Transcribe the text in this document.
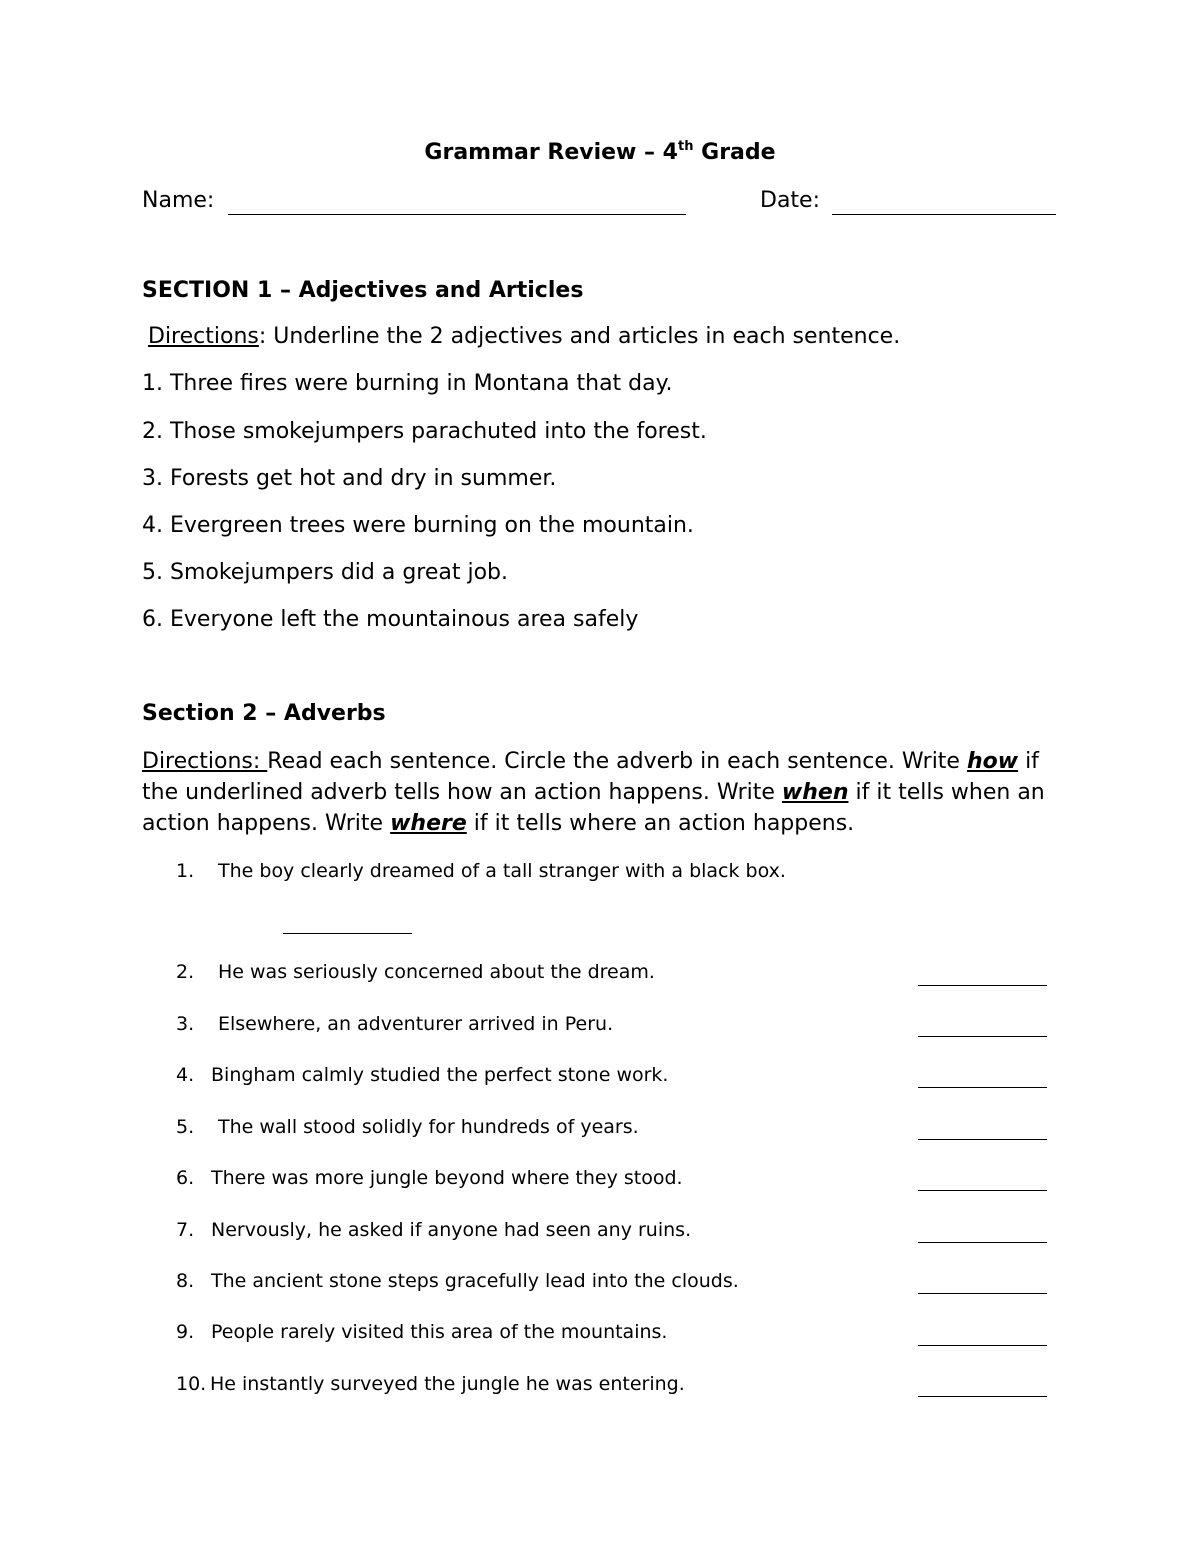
Grammar Review – 4th Grade
Name:	Date:
SECTION 1 – Adjectives and Articles
Directions: Underline the 2 adjectives and articles in each sentence.
1. Three fires were burning in Montana that day.
2. Those smokejumpers parachuted into the forest.
3. Forests get hot and dry in summer.
4. Evergreen trees were burning on the mountain.
5. Smokejumpers did a great job.
6. Everyone left the mountainous area safely
Section 2 – Adverbs
Directions: Read each sentence. Circle the adverb in each sentence. Write how if the underlined adverb tells how an action happens. Write when if it tells when an action happens. Write where if it tells where an action happens.
1. The boy clearly dreamed of a tall stranger with a black box.
2. He was seriously concerned about the dream.
3. Elsewhere, an adventurer arrived in Peru.
4. Bingham calmly studied the perfect stone work.
5. The wall stood solidly for hundreds of years.
6. There was more jungle beyond where they stood.
7. Nervously, he asked if anyone had seen any ruins.
8. The ancient stone steps gracefully lead into the clouds.
9. People rarely visited this area of the mountains.
10. He instantly surveyed the jungle he was entering.
